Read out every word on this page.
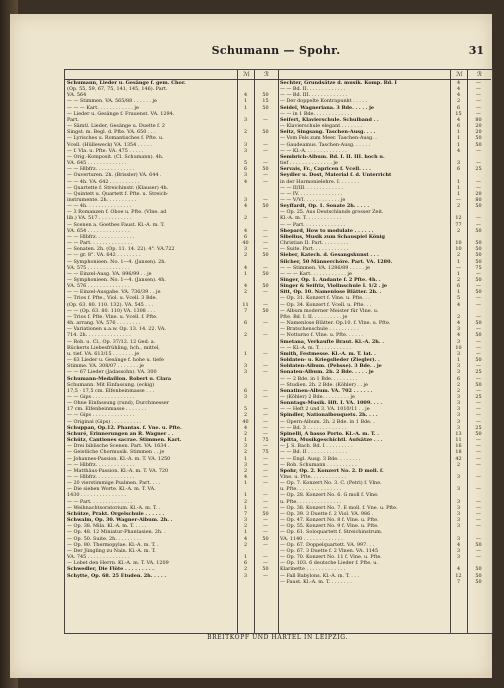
Schumann — Spohr.	31
ℳ	ℛ
Schumann, Lieder u. Gesänge f. gem. Chor.
(Op. 55, 59, 67, 75, 141, 145, 146). Part.
VA. 564	4	50
— — Stimmen. VA. 565/88 . . . . . . je	1	15
— — — Kart. . . . . . . . . . . . je	1	50
— Lieder u. Gesänge f. Frauenst. VA. 1294.
Part.	3	—
— Sämtl. Lieder, Gesänge u. Duette f. 2
Singst. m. Begl. d. Pfte. VA. 650 . . .	2	50
— Lyrisches u. Romantisches f. Pfte. u.
Vcell. (Hülleweck) VA. 1354 . . . . .	3	—
— f. Vla. u. Pfte. VA. 475 . . . . .	3	—
— Orig.-Komposit. (Cl. Schumann). 4h.
VA. 645 . . . . . . . . . . . . .	5	—
— — Hlbfrz. . . . . . . . . . . . .	6	50
— Ouverturen. 2h. (Brissler) VA. 644 .	3	—
— — 4h. VA. 642 . . . . . . . . . .	4	—
— Quartette f. Streichinstr. (Klauser) 4h.
— Quintett u. Quartett f. Pfte. u. Streich-
instrumente. 2h. . . . . . . . . .	3	—
— — 4h. . . . . . . . . . . . . . .	4	50
— 3 Romanzen f. Oboe u. Pfte. (Vlne. ad
lib.) VA. 517 . . . . . . . . . . .	2	—
— Scenen a. Goethes Faust. Kl.-A. m. T.
VA. 654 . . . . . . . . . . . . . .	4	—
— — Hlbfrz. . . . . . . . . . . . .	6	—
— — Part. . . . . . . . . . . . . .	40	—
— Sonaten. 2h. (Op. 11. 14. 22). 4°. VA.722	3	—
— — gr. 8°. VA. 642 . . . . . . . .	2	50
— Symphonieen. No. 1—4. (Jansen). 2h.
VA. 575 . . . . . . . . . . . . . .	4	—
— — Einzel-Ausg. VA. 896/99 . . je	1	50
— Symphonieen. No. 1—4. (Jansen). 4h.
VA. 576 . . . . . . . . . . . . . .	4	50
— — Einzel-Ausgabe. VA. 736/39 . . je	2	—
— Trios f. Pfte., Viol. u. Vcell. 3 Bde.
(Op. 63. 80. 110. 132). VA. 545 . . .	11	—
— — (Op. 63. 80. 110) VA. 1308 . . .	7	50
— Trios f. Pfte. Vlne. u. Vcell. f. Pfte.
4h. arrang. VA. 576 . . . . . . . .	6	—
— Variationen u.a.w. Op. 13. 14. 22. VA.
714. 2h. . . . . . . . . . . . . . .	2	—
— Rob. u. Cl., Op. 37/12. 12 Ged. a.
Rückerts Liebesfrühling, hch., mittel,
u. tief. VA. 613/15 . . . . . . . je	1	—
— 63 Lieder u. Gesänge f. hohe u. tiefe
Stimme. VA. 308/07 . . . . . . . je	3	—
— — 67 Lieder (Jadassohn). VA. 300	3	—
Schumann-Medaillon. Robert u. Clara
Schumann. Mit Einfassung. (eckig)
17,5 · 17,5 cm. Elfenbeinmasse . . .	6	—
— — Gips . . . . . . . . . . . . . .	3	—
— Ohne Einfassung (rund), Durchmesser
17 cm. Elfenbeinmasse . . . . . . .	5	—
— — Gips . . . . . . . . . . . . . .	2	—
— Original (Gips) . . . . . . . . . .	40	—
Schuppan, Op.12. Phantas. f. Vne. u. Pfte.	4	—
Schuré, Erinnerungen an R. Wagner . .	2	—
Schütz, Cantiones sacrae. Stimmen. Kart.	1	75
— Drei biblische Scenen. Part. VA. 1634 .	3	—
— Geistliche Chormusik. Stimmen . . je	2	75
— Johannes-Passion. Kl.-A. m. T. VA. 1250	1	—
— — Hlbfrz. . . . . . . . . . . . .	3	—
— Matthäus-Passion. Kl.-A. m. T. VA. 720	2	—
— — Hlbfrz. . . . . . . . . . . . .	4	—
— 20 vierstimmige Psalmen. Part. . . .	1	—
— Die sieben Worte. Kl.-A. m. T. VA.
1430 . . . . . . . . . . . . . . .	1	—
— — Part. . . . . . . . . . . . . .	2	—
— Weihnachtsoratorium. Kl.-A. m. T. .	1	—
Schütze, Prakt. Orgelschule . . . . . .	7	50
Schwalm, Op. 30. Wagner-Album. 2h. .	3	—
— Op. 38. Mila. Kl.-A. m. T. . . . .	2	—
— Op. 48. 12 Miniatur-Phantasien. 2h. .	1	—
— Op. 50. Suite. 2h. . . . . . . . .	4	50
— Op. 80. Thermopylae. Kl.-A. m. T. .	2	—
— Der Jüngling zu Nain. Kl.-A. m. T.
VA. 745 . . . . . . . . . . . . . .	1	—
— Lobet den Herrn. Kl.-A. m. T. VA. 1209	6	—
Schwedler, Die Flöte . . . . . . . . .	2	50
Schytte, Op. 68. 25 Etuden. 2h. . . . .	3	—
ℳ	ℛ
Sechter, Grundsätze d. musik. Komp. Bd. I	4	—
— — Bd. II. . . . . . . . . . . . .	4	—
— — Bd. III. . . . . . . . . . . . .	4	—
— Der doppelte Kontrapunkt . . . . .	2	—
Seidel, Wagneriana. 3 Bde. . . . . je	6	—
— — in 1 Bde. . . . . . . . . . . . .	15	—
Seifert, Klavierschule. Schulband . .	4	80
— Klavierschule elegant . . . . . . .	6	20
Seitz, Singsang. Taschen-Ausg. . . .	1	20
— Vom Fels zum Meer. Taschen-Ausg. .	1	50
— Gaudeamus. Taschen-Ausg. . . . . .	1	50
— — Kl.-A. . . . . . . . . . . . . .	4	—
Sembrich-Album. Bd. I. II. III. hoch u.
tief . . . . . . . . . . . . . . je	3	—
Servais, Fr., Capricen f. Vcell. . . .	6	25
Seydler u. Dost, Material f. d. Unterricht
in der Harmonielehre. I. . . . . . .	1	—
— — II/III. . . . . . . . . . . . .	1	—
— — IV. . . . . . . . . . . . . . .	1	20
— — V/VI. . . . . . . . . . . . je	—	80
Seyffardt, Op. 1. Sonate 2h. . . . .	2	50
— Op. 25. Aus Deutschlands grosser Zeit.
Kl.-A. m. T. . . . . . . . . . . .	12	—
— — Part. . . . . . . . . . . . . .	77	—
Shepard, How to modulate . . . . . .	2	50
Sibelius, Musik zum Schauspiel König
Christian II. Part. . . . . . . . .	10	50
— Suite. Part. . . . . . . . . . . .	10	50
Sieber, Katech. d. Gesangskunst . . .	2	50
Silcher, 50 Männerchöre. Part. VA. 1280.	1	50
— — Stimmen. VA. 1286/89 . . . . . je	—	75
— — — Kart. . . . . . . . . . . . je	1	—
Singer, Op. 1. Andante f. 2 Pfte. 4h. .	2	50
Singer & Seifriz, Violinschule I. 1/2 . je	6	—
Sitt, Op. 10. Namenlose Blätter. 2h. .	1	50
— Op. 31. Konzert f. Vlne. u. Pfte. . .	5	—
— Op. 34. Konzert f. Vcell. u. Pfte. . .	4	—
— Album moderner Meister für Vlne. u.
Pfte. Bd. I. II. . . . . . . . . . je	2	—
— Namenlose Blätter. Op.10. f. Vlne. u. Pfte.	4	50
— Bratschenschule . . . . . . . . . .	3	—
— Notturno f. Vlne. u. Pfte. . . . . .	4	50
Smetana, Verkaufte Braut. Kl.-A. 2h. .	3	—
— — Kl.-A. m. T. . . . . . . . . . .	10	—
Smith, Festmesse. Kl.-A. m. T. lat. .	3	—
Soldaten- u. Kriegslieder (Ziegler). .	1	50
Soldaten-Album. (Pehsse). 3 Bde. . je	3	—
Sonaten-Album. 2h. 2 Bde. . . . . je	3	25
— — 2 Bde. in 1 Bde. . . . . . . . .	6	—
— Studien. 2h. 2 Bde. (Köhler) . . je	2	50
Sonatinen-Album. VA. 702 . . . . . .	2	—
— (Köhler) 2 Bde. . . . . . . . . je	3	25
Sonntags-Musik. Hft. I. VA. 1009. . . .	3	—
— — Heft 2 und 3. VA. 1010/11 . . je	3	—
Spindler, Nationalbouquets. 2h. . . .	3	—
— Opern-Album. 2h. 2 Bde. in 1 Bde. .	3	—
— — Bd. 3 . . . . . . . . . . . . .	3	25
Spinelli, A basso Porto. Kl.-A. m. T. .	13	50
Spitta, Musikgeschichtl. Aufsätze . . .	11	—
— J. S. Bach. Bd. I . . . . . . . . .	16	—
— — Bd. II . . . . . . . . . . . . .	18	—
— — Engl. Ausg. 3 Bde. . . . . . . .	42	—
— Rob. Schumann . . . . . . . . . .	2	—
Spohr, Op. 2. Konzert No. 2. D moll. f.
Vlne. u. Pfte. . . . . . . . . . . .	3	—
— Op. 7. Konzert No. 3. C. (Petri) f. Vlne.
u. Pfte. . . . . . . . . . . . . . .	3	—
— Op. 28. Konzert No. 6. G moll f. Vlne.
u. Pfte. . . . . . . . . . . . . . .	3	—
— Op. 38. Konzert No. 7. E moll. f. Vne. u. Pfte.	3	—
— Op. 39. 3 Duette f. 2 Viol. VA. 986 .	3	—
— Op. 47. Konzert No. 8 f. Vlne. u. Pfte.	3	—
— Op. 55. Konzert No. 9 f. Vlne. u. Pfte.	3	—
— Op. 61. Soloquartett f. Streichinstrum.
VA. 1140 . . . . . . . . . . . . .	3	—
— Op. 67. Doppelquartett. VA. 997. . .	4	50
— Op. 67. 3 Duette f. 2 Vlnen. VA. 1145	3	—
— Op. 70. Konzert No. 11 f. Vlne. u. Pfte.	3	—
— Op. 103. 6 deutsche Lieder f. Pfte. u.
Klarinette . . . . . . . . . . . . .	4	50
— Fall Babylons. Kl.-A. m. T. . . .	12	50
— Faust. Kl.-A. m. T. . . . . . . .	7	50
BREITKOPF UND HÄRTEL IN LEIPZIG.
